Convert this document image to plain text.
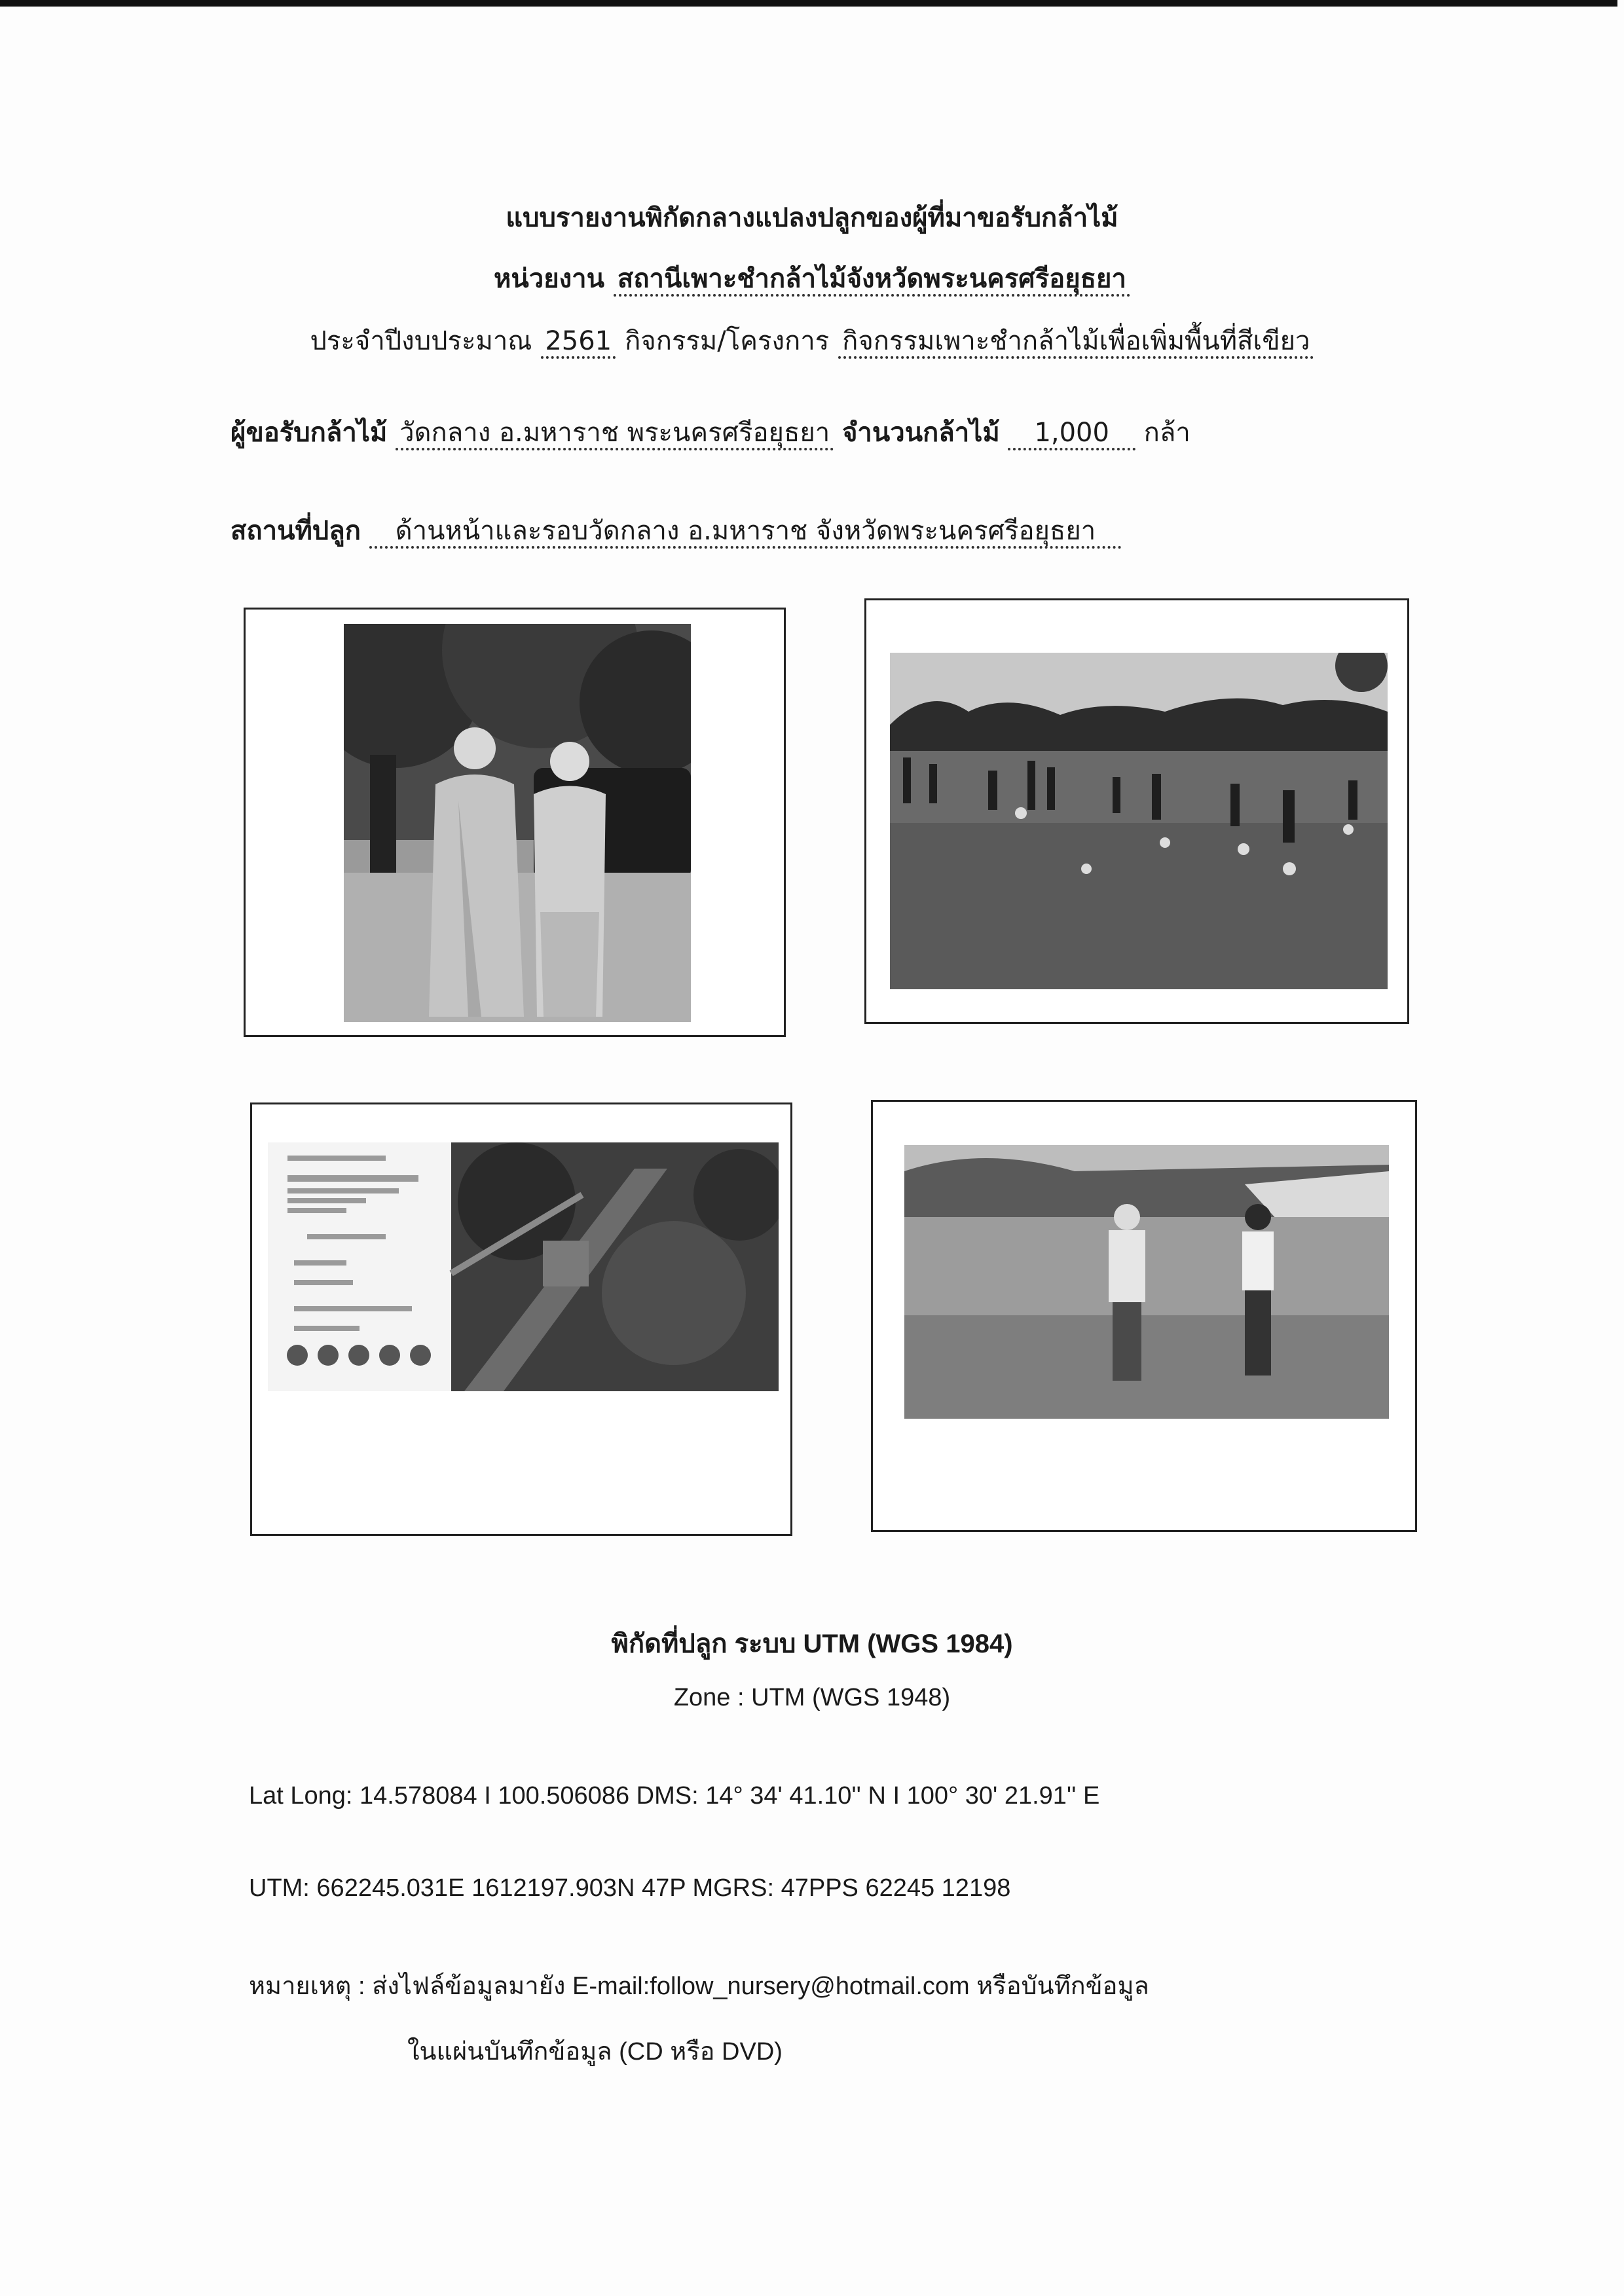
แบบรายงานพิกัดกลางแปลงปลูกของผู้ที่มาขอรับกล้าไม้
หน่วยงาน สถานีเพาะชำกล้าไม้จังหวัดพระนครศรีอยุธยา
ประจำปีงบประมาณ 2561 กิจกรรม/โครงการ กิจกรรมเพาะชำกล้าไม้เพื่อเพิ่มพื้นที่สีเขียว
ผู้ขอรับกล้าไม้ วัดกลาง อ.มหาราช พระนครศรีอยุธยา จำนวนกล้าไม้ 1,000 กล้า
สถานที่ปลูก ด้านหน้าและรอบวัดกลาง อ.มหาราช จังหวัดพระนครศรีอยุธยา
พิกัดที่ปลูก ระบบ UTM (WGS 1984)
Zone : UTM (WGS 1948)
Lat Long: 14.578084 I 100.506086 DMS: 14° 34' 41.10'' N I 100° 30' 21.91'' E
UTM: 662245.031E 1612197.903N 47P MGRS: 47PPS 62245 12198
หมายเหตุ : ส่งไฟล์ข้อมูลมายัง E-mail:follow_nursery@hotmail.com หรือบันทึกข้อมูล
ในแผ่นบันทึกข้อมูล (CD หรือ DVD)
